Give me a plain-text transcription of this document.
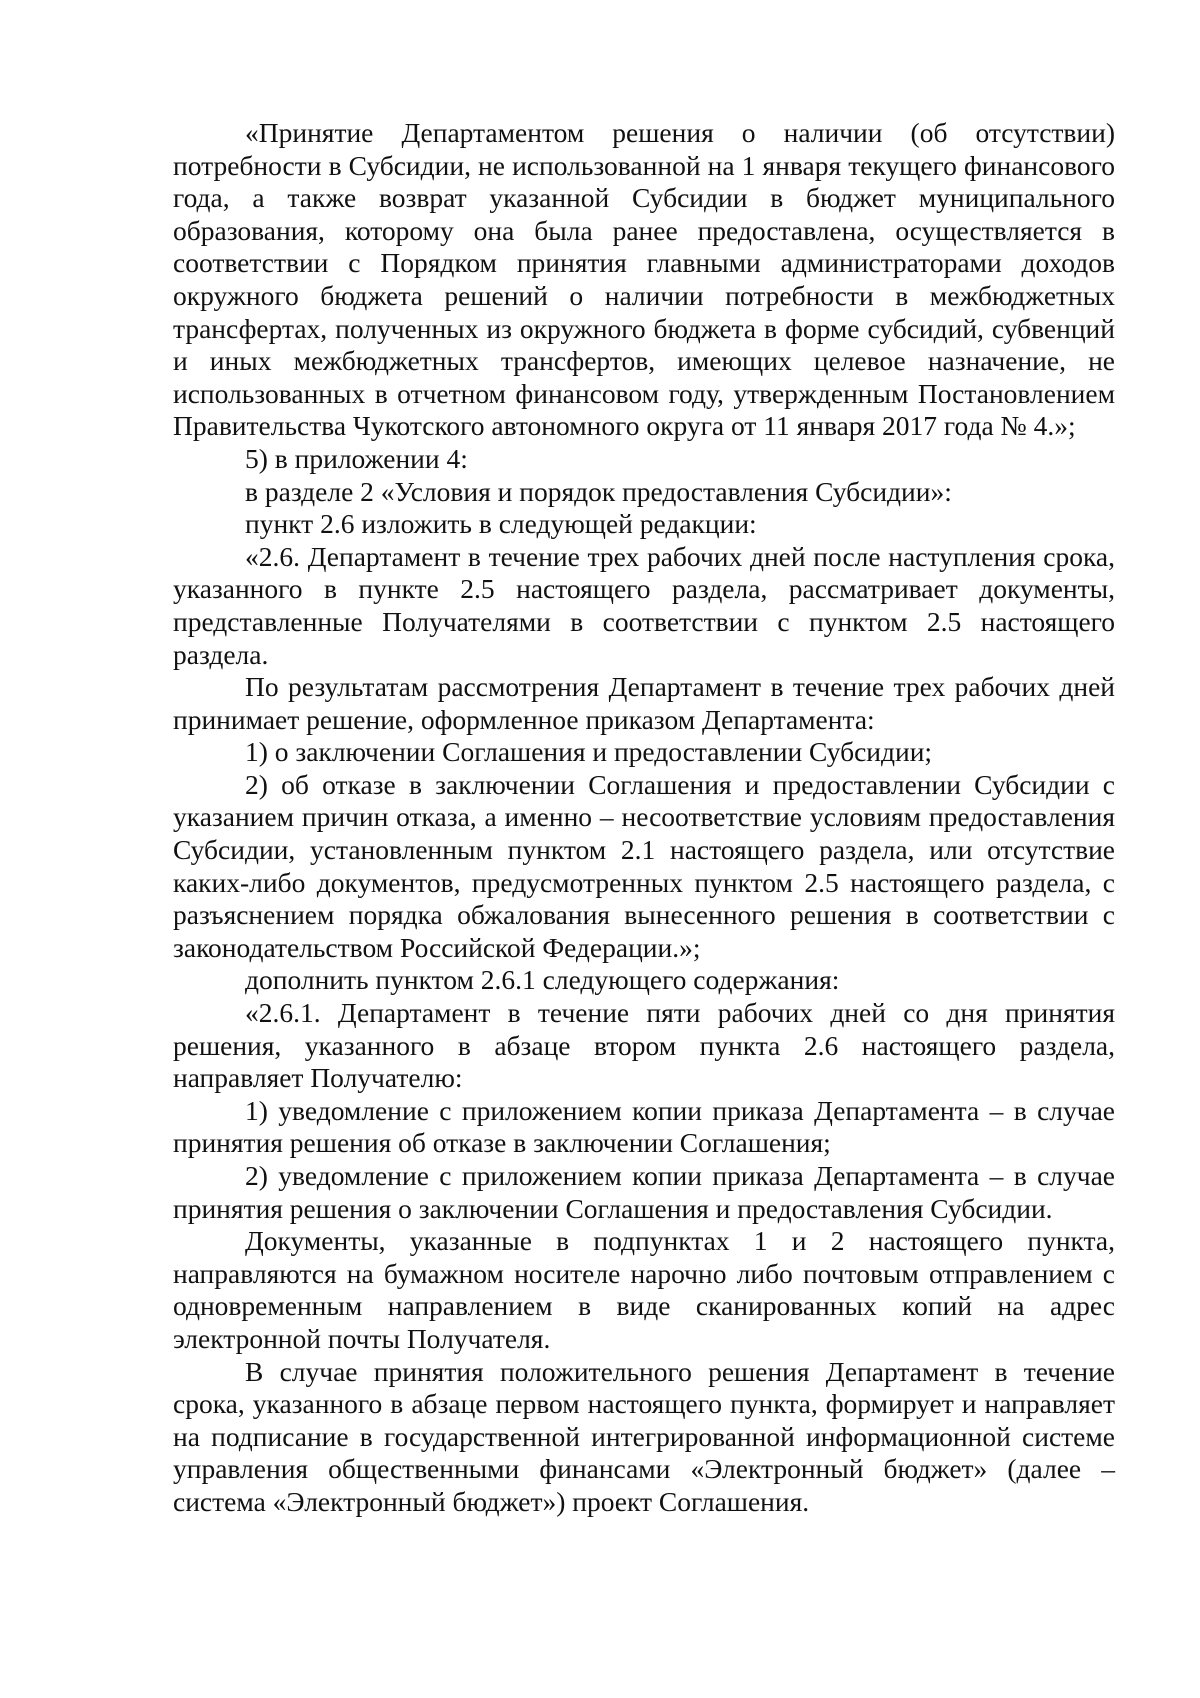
«Принятие Департаментом решения о наличии (об отсутствии) потребности в Субсидии, не использованной на 1 января текущего финансового года, а также возврат указанной Субсидии в бюджет муниципального образования, которому она была ранее предоставлена, осуществляется в соответствии с Порядком принятия главными администраторами доходов окружного бюджета решений о наличии потребности в межбюджетных трансфертах, полученных из окружного бюджета в форме субсидий, субвенций и иных межбюджетных трансфертов, имеющих целевое назначение, не использованных в отчетном финансовом году, утвержденным Постановлением Правительства Чукотского автономного округа от 11 января 2017 года № 4.»;

5) в приложении 4:

в разделе 2 «Условия и порядок предоставления Субсидии»:

пункт 2.6 изложить в следующей редакции:

«2.6. Департамент в течение трех рабочих дней после наступления срока, указанного в пункте 2.5 настоящего раздела, рассматривает документы, представленные Получателями в соответствии с пунктом 2.5 настоящего раздела.

По результатам рассмотрения Департамент в течение трех рабочих дней принимает решение, оформленное приказом Департамента:

1) о заключении Соглашения и предоставлении Субсидии;

2) об отказе в заключении Соглашения и предоставлении Субсидии с указанием причин отказа, а именно – несоответствие условиям предоставления Субсидии, установленным пунктом 2.1 настоящего раздела, или отсутствие каких-либо документов, предусмотренных пунктом 2.5 настоящего раздела, с разъяснением порядка обжалования вынесенного решения в соответствии с законодательством Российской Федерации.»;

дополнить пунктом 2.6.1 следующего содержания:

«2.6.1. Департамент в течение пяти рабочих дней со дня принятия решения, указанного в абзаце втором пункта 2.6 настоящего раздела, направляет Получателю:

1) уведомление с приложением копии приказа Департамента – в случае принятия решения об отказе в заключении Соглашения;

2) уведомление с приложением копии приказа Департамента – в случае принятия решения о заключении Соглашения и предоставления Субсидии.

Документы, указанные в подпунктах 1 и 2 настоящего пункта, направляются на бумажном носителе нарочно либо почтовым отправлением с одновременным направлением в виде сканированных копий на адрес электронной почты Получателя.

В случае принятия положительного решения Департамент в течение срока, указанного в абзаце первом настоящего пункта, формирует и направляет на подписание в государственной интегрированной информационной системе управления общественными финансами «Электронный бюджет» (далее – система «Электронный бюджет») проект Соглашения.
